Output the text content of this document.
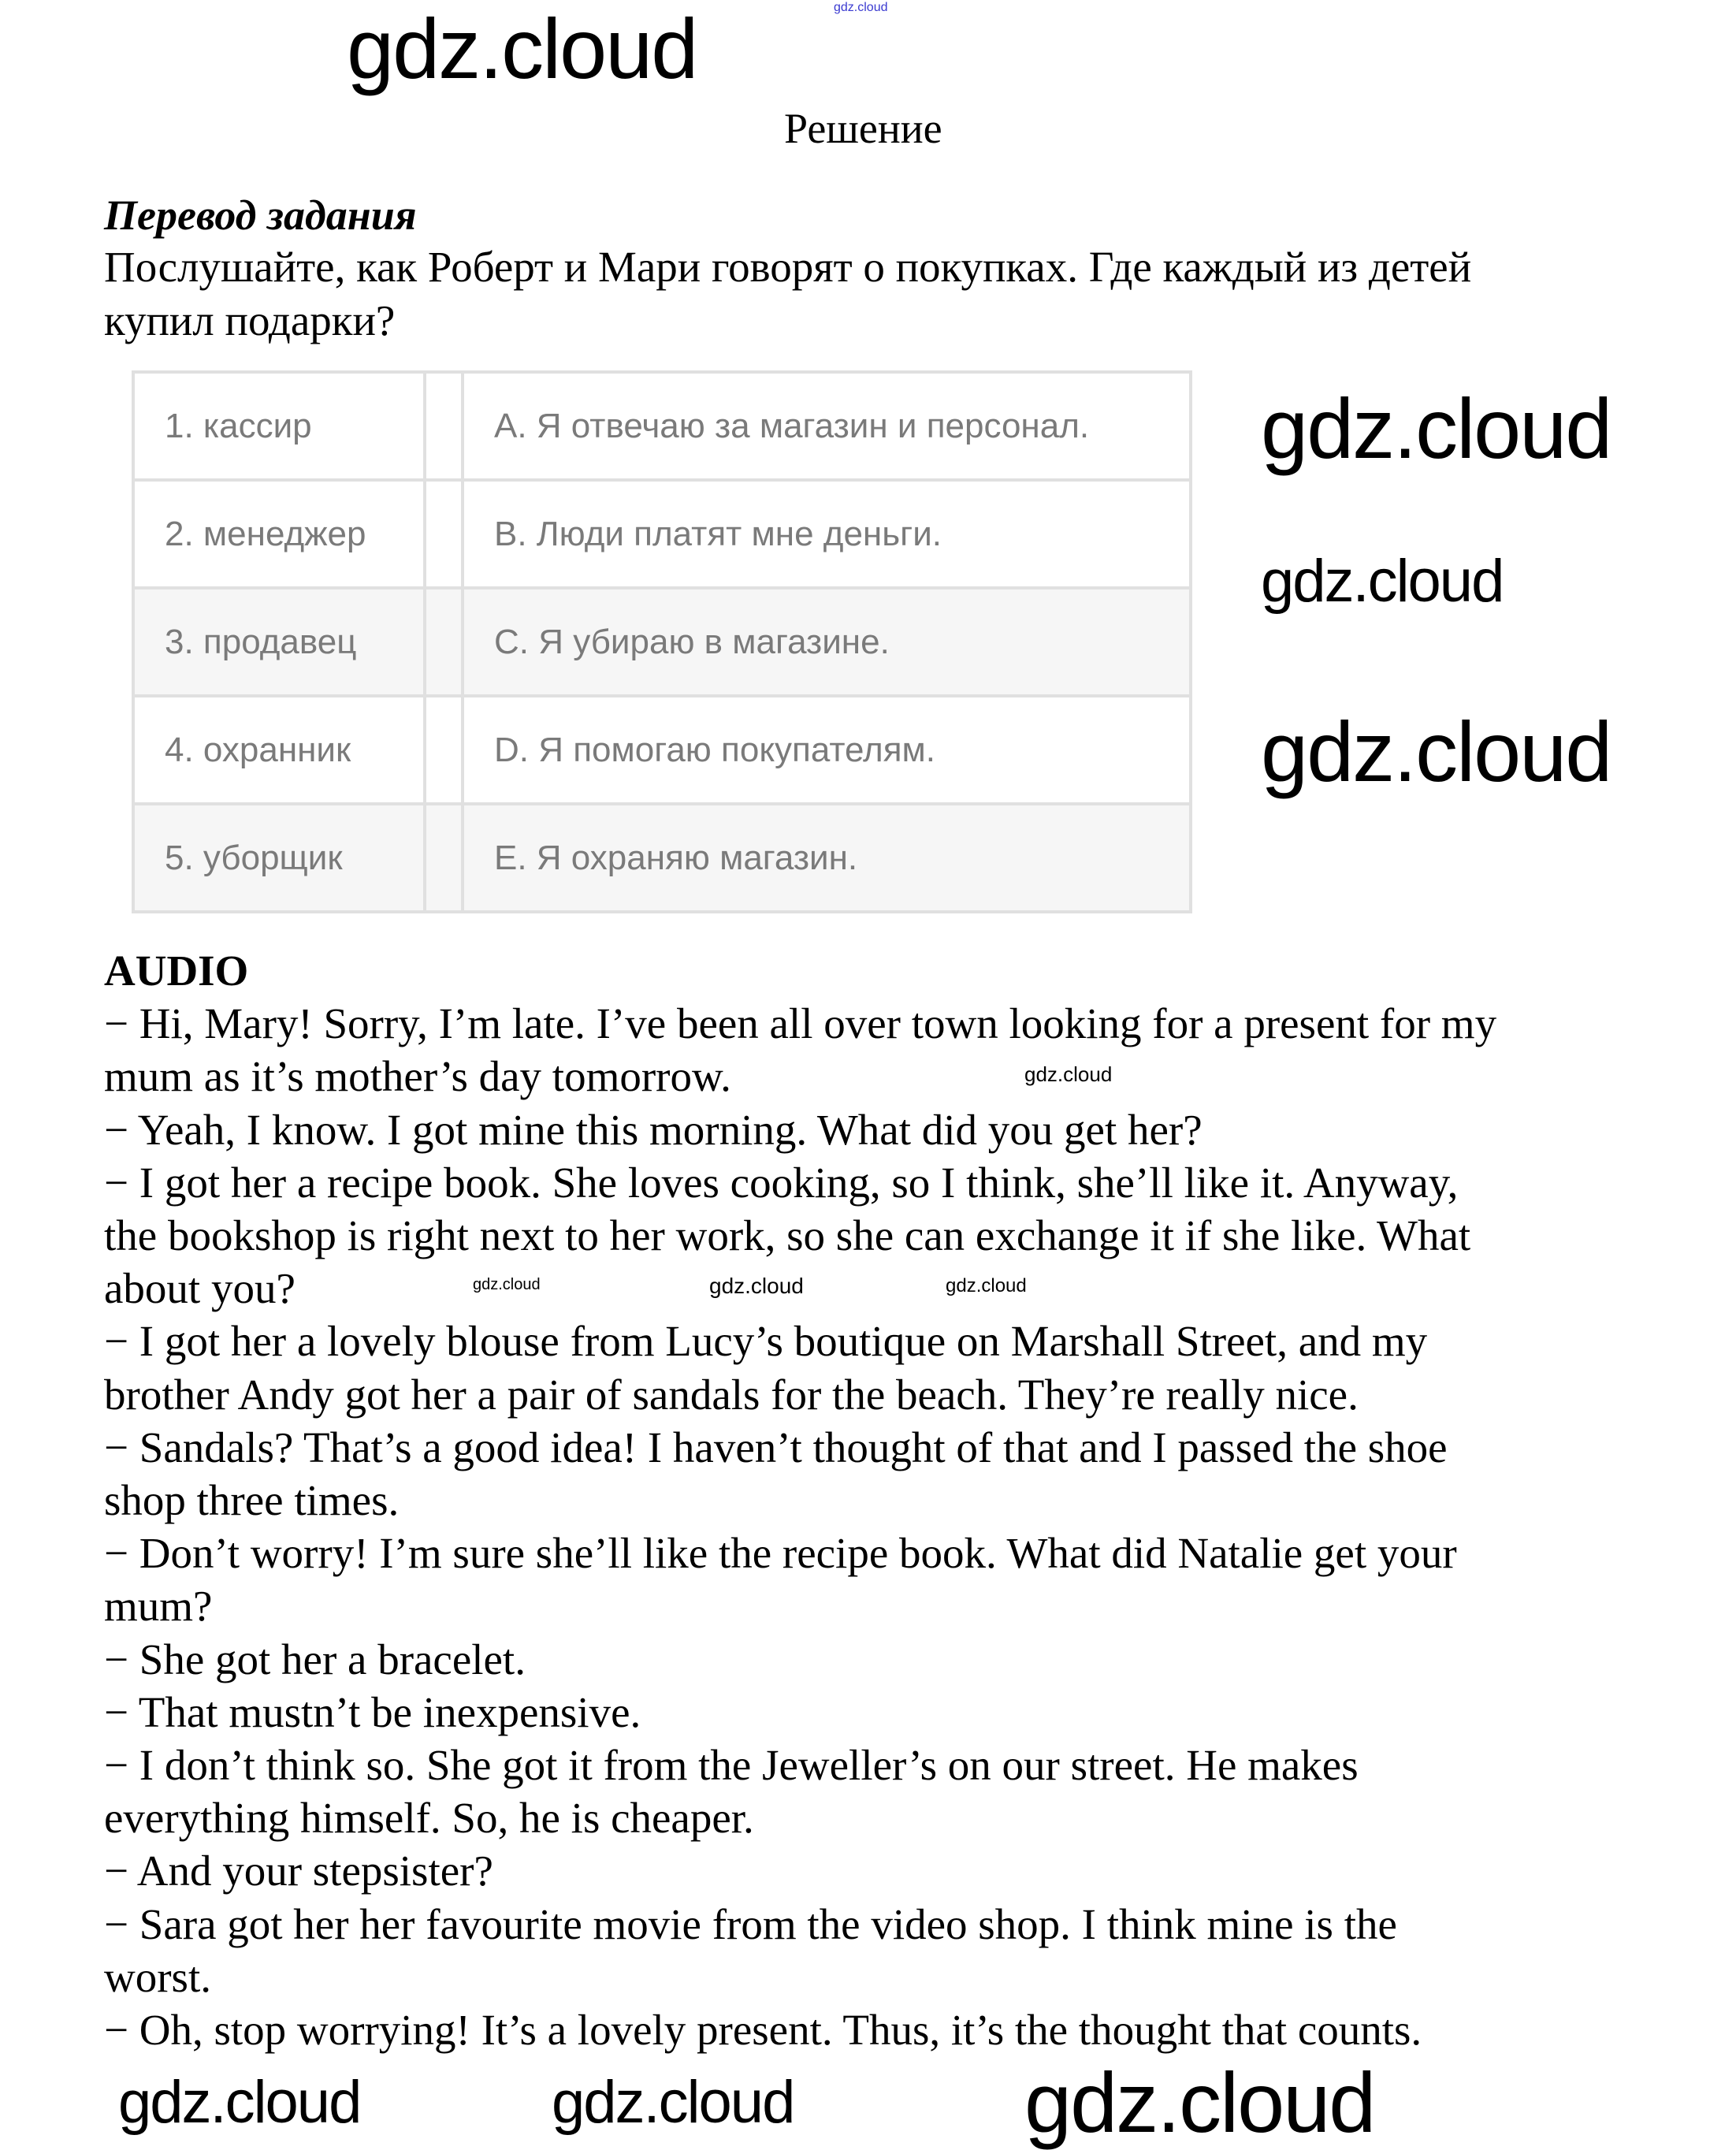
Решение
Перевод задания
Послушайте, как Роберт и Мари говорят о покупках. Где каждый из детей
купил подарки?
1. кассир		A. Я отвечаю за магазин и персонал.
2. менеджер		B. Люди платят мне деньги.
3. продавец		C. Я убираю в магазине.
4. охранник		D. Я помогаю покупателям.
5. уборщик		E. Я охраняю магазин.
AUDIO
− Hi, Mary! Sorry, I’m late. I’ve been all over town looking for a present for my
mum as it’s mother’s day tomorrow.
− Yeah, I know. I got mine this morning. What did you get her?
− I got her a recipe book. She loves cooking, so I think, she’ll like it. Anyway,
the bookshop is right next to her work, so she can exchange it if she like. What
about you?
− I got her a lovely blouse from Lucy’s boutique on Marshall Street, and my
brother Andy got her a pair of sandals for the beach. They’re really nice.
− Sandals? That’s a good idea! I haven’t thought of that and I passed the shoe
shop three times.
− Don’t worry! I’m sure she’ll like the recipe book. What did Natalie get your
mum?
− She got her a bracelet.
− That mustn’t be inexpensive.
− I don’t think so. She got it from the Jeweller’s on our street. He makes
everything himself. So, he is cheaper.
− And your stepsister?
− Sara got her her favourite movie from the video shop. I think mine is the
worst.
− Oh, stop worrying! It’s a lovely present. Thus, it’s the thought that counts.
gdz.cloud
gdz.cloud
gdz.cloud
gdz.cloud
gdz.cloud
gdz.cloud
gdz.cloud	gdz.cloud	gdz.cloud
gdz.cloud	gdz.cloud
gdz.cloud
